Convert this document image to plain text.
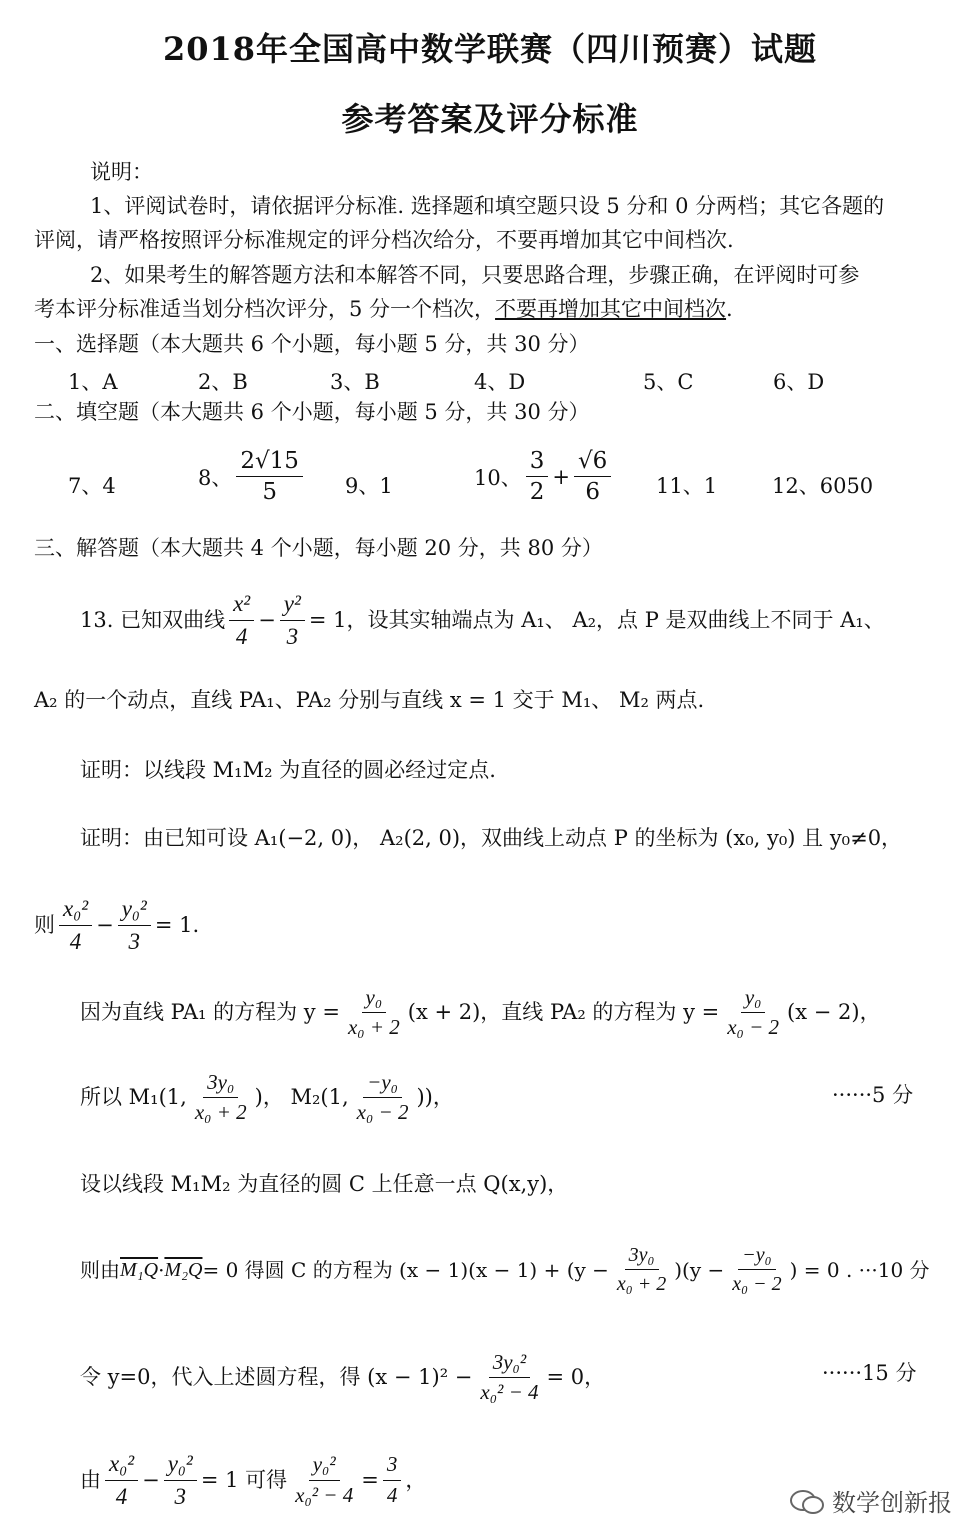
2018年全国高中数学联赛（四川预赛）试题
参考答案及评分标准
说明：
1、评阅试卷时，请依据评分标准. 选择题和填空题只设 5 分和 0 分两档；其它各题的
评阅，请严格按照评分标准规定的评分档次给分，不要再增加其它中间档次.
2、如果考生的解答题方法和本解答不同，只要思路合理，步骤正确，在评阅时可参
考本评分标准适当划分档次评分，5 分一个档次，不要再增加其它中间档次.
一、选择题（本大题共 6 个小题，每小题 5 分，共 30 分）
1、A	2、B	3、B	4、D	5、C	6、D
二、填空题（本大题共 6 个小题，每小题 5 分，共 30 分）
7、4	8、 $\frac{2√15}{5} 9$、1	10、 $\frac{3}{2} + \frac{√6}{6} 11$、1	12、6050
三、解答题（本大题共 4 个小题，每小题 20 分，共 80 分）
13. 已知双曲线 $\frac{\text{x²}}{4} - \frac{\text{y²}}{3} = 1$，设其实轴端点为 A₁、 A₂，点 P 是双曲线上不同于 A₁、
A₂ 的一个动点，直线 PA₁、PA₂ 分别与直线 x = 1 交于 M₁、 M₂ 两点.
证明：以线段 M₁M₂ 为直径的圆必经过定点.
证明：由已知可设 A₁(−2, 0)， A₂(2, 0)，双曲线上动点 P 的坐标为 (x₀, y₀) 且 y₀≠0，
则 $\frac{\text{x₀²}}{4} - \frac{\text{y₀²}}{3} = 1$.
因为直线 PA₁ 的方程为 $y = \frac{\text{y₀}}{\text{x₀ + 2}} (x + 2)$，直线 PA₂ 的方程为 $y = \frac{\text{y₀}}{\text{x₀ − 2}} (x - 2)$，
所以 M₁(1, $\frac{\text{3y₀}}{\text{x₀ + 2}}$ )， M₂(1, $\frac{\text{−y₀}}{\text{x₀ − 2}}$ ))，	······5 分
设以线段 M₁M₂ 为直径的圆 C 上任意一点 Q(x,y)，
则由 M₁Q · M₂Q = 0 得圆 C 的方程为 $(x - 1)(x - 1) + (y - \frac{\text{3y₀}}{\text{x₀ + 2}} )(y - \frac{\text{−y₀}}{\text{x₀ − 2}}$ ) = 0 . ···10 分
令 y=0，代入上述圆方程，得 $(x - 1)^2 - \frac{\text{3y₀²}}{\text{x₀² − 4}} = 0$，	······15 分
由 $\frac{\text{x₀²}}{4} - \frac{\text{y₀²}}{3} = 1$ 可得 $\frac{\text{y₀²}}{\text{x₀² − 4}} = \frac{3}{4}$ ，
数学创新报
